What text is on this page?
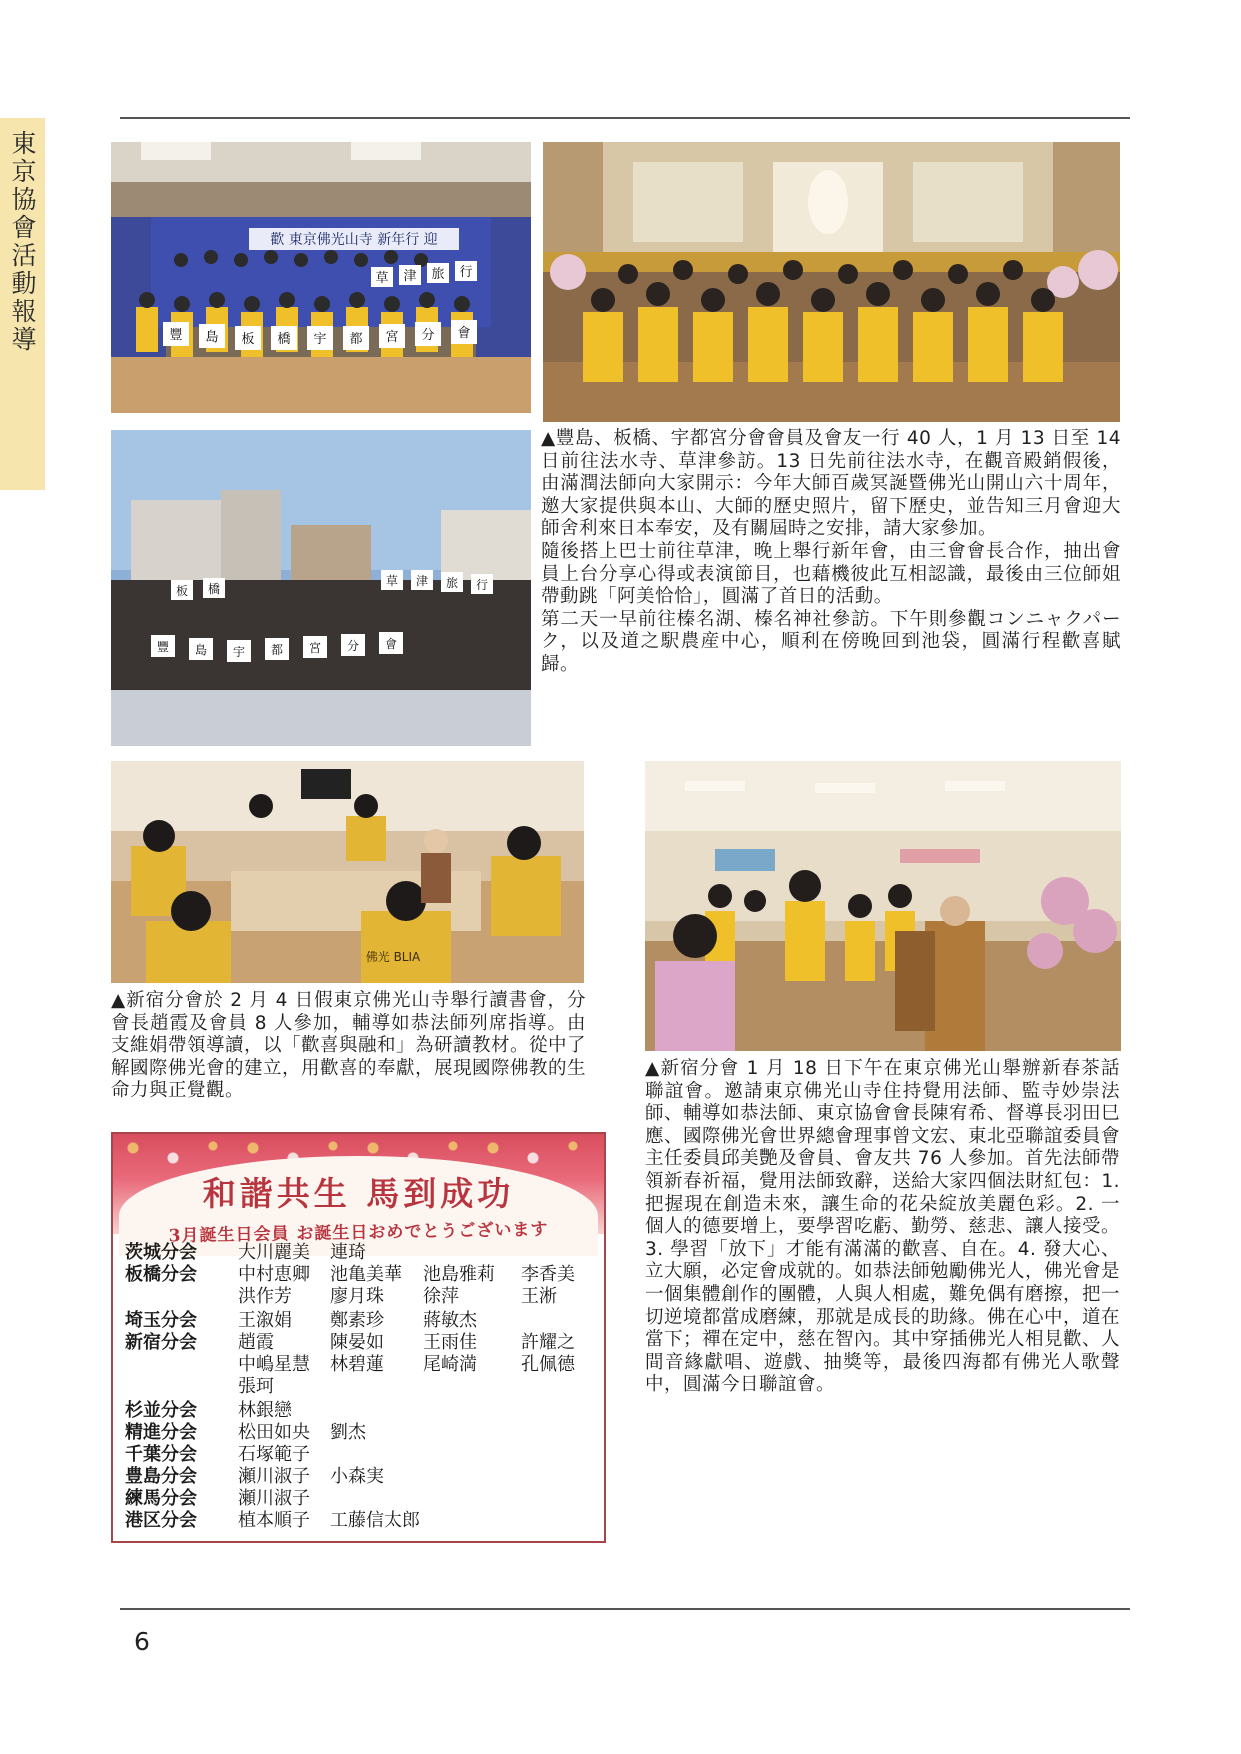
東京協會活動報導	歡 東京佛光山寺 新年行 迎
豐 島 板 橋 宇 都 宮 分 會
草 津 旅 行
板 橋
草 津 旅 行
豐 島 宇 都 宮 分 會

▲豐島、板橋、宇都宮分會會員及會友一行 40 人，1 月 13 日至 14 日前往法水寺、草津參訪。13 日先前往法水寺，在觀音殿銷假後，由滿潤法師向大家開示：今年大師百歲冥誕暨佛光山開山六十周年，邀大家提供與本山、大師的歷史照片，留下歷史，並告知三月會迎大師舍利來日本奉安，及有關屆時之安排，請大家參加。

隨後搭上巴士前往草津，晚上舉行新年會，由三會會長合作，抽出會員上台分享心得或表演節目，也藉機彼此互相認識，最後由三位師姐帶動跳「阿美恰恰」，圓滿了首日的活動。

第二天一早前往榛名湖、榛名神社參訪。下午則參觀コンニャクパーク，以及道之駅農産中心，順利在傍晚回到池袋，圓滿行程歡喜賦歸。

佛光 BLIA

▲新宿分會於 2 月 4 日假東京佛光山寺舉行讀書會，分會長趙霞及會員 8 人參加，輔導如恭法師列席指導。由支維娟帶領導讀，以「歡喜與融和」為研讀教材。從中了解國際佛光會的建立，用歡喜的奉獻，展現國際佛教的生命力與正覺觀。

▲新宿分會 1 月 18 日下午在東京佛光山舉辦新春茶話聯誼會。邀請東京佛光山寺住持覺用法師、監寺妙崇法師、輔導如恭法師、東京協會會長陳宥希、督導長羽田巳應、國際佛光會世界總會理事曾文宏、東北亞聯誼委員會主任委員邱美艷及會員、會友共 76 人參加。首先法師帶領新春祈福，覺用法師致辭，送給大家四個法財紅包：1. 把握現在創造未來，讓生命的花朵綻放美麗色彩。2. 一個人的德要增上，要學習吃虧、勤勞、慈悲、讓人接受。3. 學習「放下」才能有滿滿的歡喜、自在。4. 發大心、立大願，必定會成就的。如恭法師勉勵佛光人，佛光會是一個集體創作的團體，人與人相處，難免偶有磨擦，把一切逆境都當成磨練，那就是成長的助緣。佛在心中，道在當下；禪在定中，慈在智內。其中穿插佛光人相見歡、人間音緣獻唱、遊戲、抽獎等，最後四海都有佛光人歌聲中，圓滿今日聯誼會。

和諧共生 馬到成功
3月誕生日会員 お誕生日おめでとうございます
茨城分会	大川麗美 連琦
板橋分会	中村恵卿 池亀美華 池島雅莉 李香美
洪作芳 廖月珠 徐萍	王淅
埼玉分会	王溆娟 鄭素珍 蔣敏杰
新宿分会	趙霞	陳晏如 王雨佳 許耀之
中嶋星慧 林碧蓮 尾崎満 孔佩德
張珂
杉並分会	林銀戀
精進分会	松田如央 劉杰
千葉分会	石塚範子
豊島分会	瀬川淑子 小森実
練馬分会	瀬川淑子
港区分会	植本順子 工藤信太郎
6
